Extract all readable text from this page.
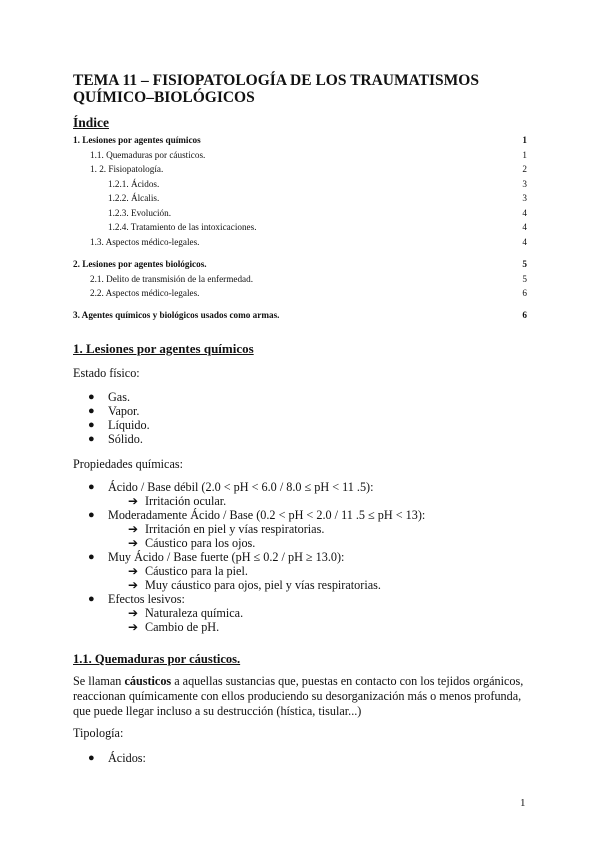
TEMA 11 – FISIOPATOLOGÍA DE LOS TRAUMATISMOS QUÍMICO–BIOLÓGICOS
Índice
1. Lesiones por agentes químicos	1
1.1. Quemaduras por cáusticos.	1
1. 2. Fisiopatología.	2
1.2.1. Ácidos.	3
1.2.2. Álcalis.	3
1.2.3. Evolución.	4
1.2.4. Tratamiento de las intoxicaciones.	4
1.3. Aspectos médico-legales.	4
2. Lesiones por agentes biológicos.	5
2.1. Delito de transmisión de la enfermedad.	5
2.2. Aspectos médico-legales.	6
3. Agentes químicos y biológicos usados como armas.	6
1. Lesiones por agentes químicos
Estado físico:
● Gas.
● Vapor.
● Líquido.
● Sólido.
Propiedades químicas:
● Ácido / Base débil (2.0 < pH < 6.0 / 8.0 ≤ pH < 11 .5):
➔ Irritación ocular.
● Moderadamente Ácido / Base (0.2 < pH < 2.0 / 11 .5 ≤ pH < 13):
➔ Irritación en piel y vías respiratorias.
➔ Cáustico para los ojos.
● Muy Ácido / Base fuerte (pH ≤ 0.2 / pH ≥ 13.0):
➔ Cáustico para la piel.
➔ Muy cáustico para ojos, piel y vías respiratorias.
● Efectos lesivos:
➔ Naturaleza química.
➔ Cambio de pH.
1.1. Quemaduras por cáusticos.
Se llaman cáusticos a aquellas sustancias que, puestas en contacto con los tejidos orgánicos, reaccionan químicamente con ellos produciendo su desorganización más o menos profunda, que puede llegar incluso a su destrucción (hística, tisular...)
Tipología:
● Ácidos:
1
